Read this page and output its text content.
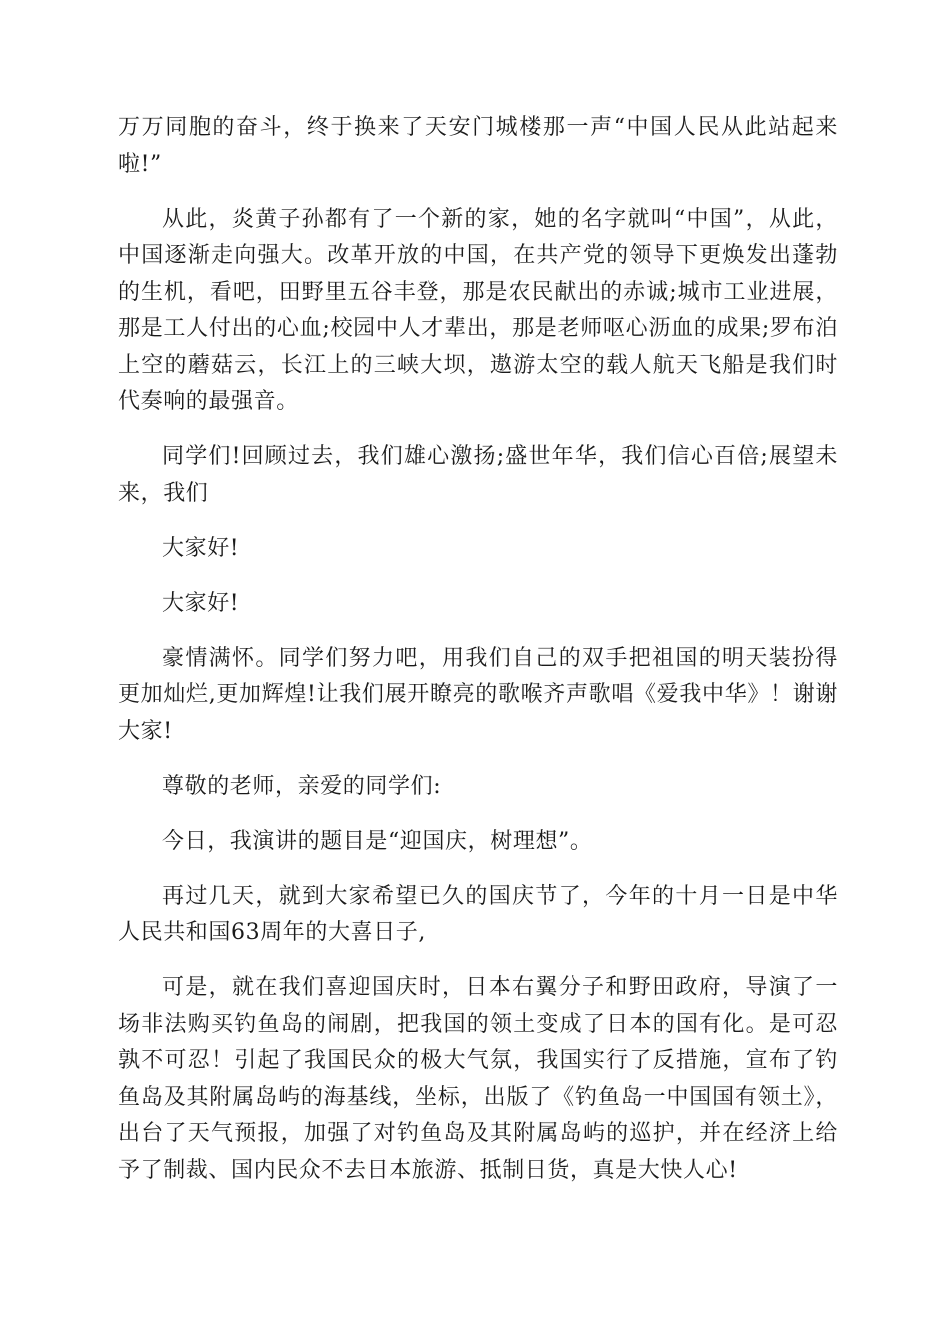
万万同胞的奋斗，终于换来了天安门城楼那一声“中国人民从此站起来啦!”

从此，炎黄子孙都有了一个新的家，她的名字就叫“中国”，从此，中国逐渐走向强大。改革开放的中国，在共产党的领导下更焕发出蓬勃的生机，看吧，田野里五谷丰登，那是农民献出的赤诚;城市工业进展，那是工人付出的心血;校园中人才辈出，那是老师呕心沥血的成果;罗布泊上空的蘑菇云，长江上的三峡大坝，遨游太空的载人航天飞船是我们时代奏响的最强音。

同学们!回顾过去，我们雄心激扬;盛世年华，我们信心百倍;展望未来，我们

大家好!

大家好!

豪情满怀。同学们努力吧，用我们自己的双手把祖国的明天装扮得更加灿烂,更加辉煌!让我们展开瞭亮的歌喉齐声歌唱《爱我中华》！谢谢大家!

尊敬的老师，亲爱的同学们:

今日，我演讲的题目是“迎国庆，树理想”。

再过几天，就到大家希望已久的国庆节了，今年的十月一日是中华人民共和国63周年的大喜日子,

可是，就在我们喜迎国庆时，日本右翼分子和野田政府，导演了一场非法购买钓鱼岛的闹剧，把我国的领土变成了日本的国有化。是可忍孰不可忍！引起了我国民众的极大气氛，我国实行了反措施，宣布了钓鱼岛及其附属岛屿的海基线，坐标，出版了《钓鱼岛一中国国有领土》，出台了天气预报，加强了对钓鱼岛及其附属岛屿的巡护，并在经济上给予了制裁、国内民众不去日本旅游、抵制日货，真是大快人心!
